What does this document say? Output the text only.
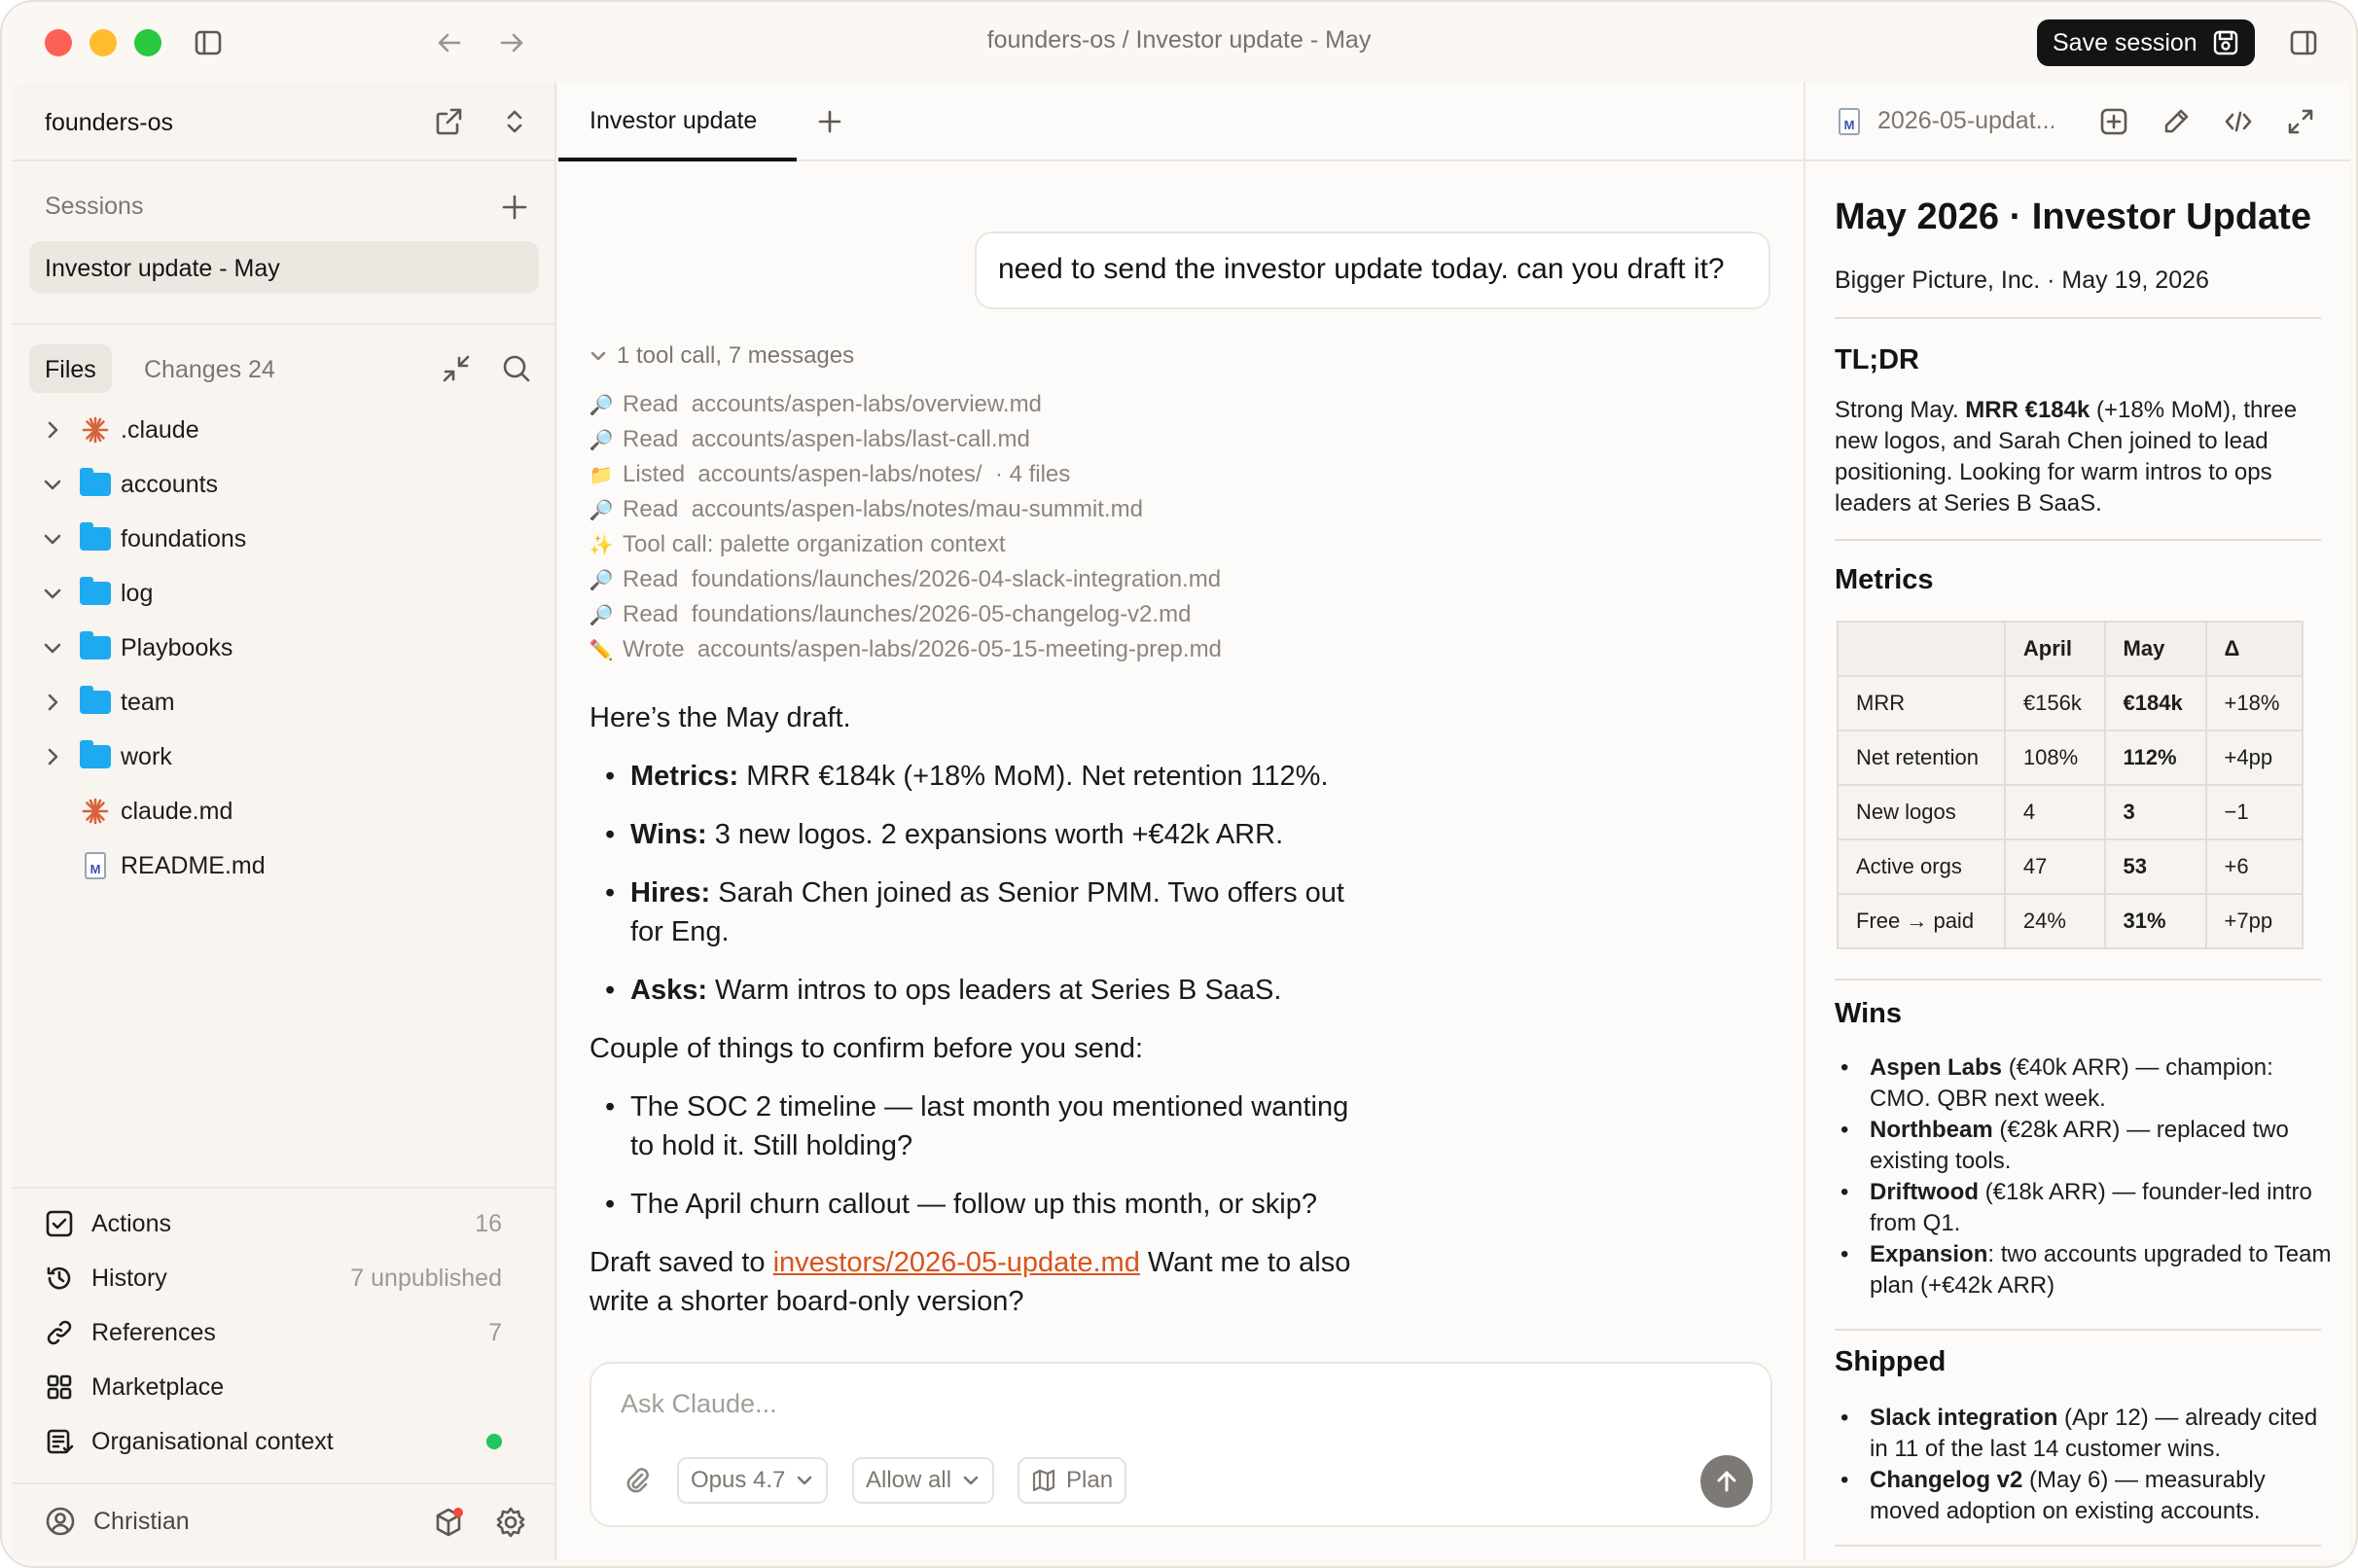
founders-os / Investor update - May	Save session
founders-os
Sessions
Investor update - May
Files	Changes 24
.claude
accounts
foundations
log
Playbooks
team
work
claude.md
M README.md
Actions	16
History	7 unpublished
References	7
Marketplace
Organisational context
Christian
Investor update
need to send the investor update today. can you draft it?
1 tool call, 7 messages
🔎 Read
accounts/aspen-labs/overview.md
🔎 Read
accounts/aspen-labs/last-call.md
📁 Listed
accounts/aspen-labs/notes/
· 4 files
🔎 Read
accounts/aspen-labs/notes/mau-summit.md
✨ Tool call:
palette organization context
🔎 Read
foundations/launches/2026-04-slack-integration.md
🔎 Read
foundations/launches/2026-05-changelog-v2.md
✏️ Wrote
accounts/aspen-labs/2026-05-15-meeting-prep.md
Here’s the May draft.
• Metrics: MRR €184k (+18% MoM). Net retention 112%.
• Wins: 3 new logos. 2 expansions worth +€42k ARR.
• Hires: Sarah Chen joined as Senior PMM. Two offers out for Eng.
• Asks: Warm intros to ops leaders at Series B SaaS.
Couple of things to confirm before you send:
• The SOC 2 timeline — last month you mentioned wanting to hold it. Still holding?
• The April churn callout — follow up this month, or skip?
Draft saved to investors/2026-05-update.md Want me to also write a shorter board-only version?
Ask Claude...
Opus 4.7	Allow all	Plan
M 2026-05-updat...
May 2026 · Investor Update
Bigger Picture, Inc. · May 19, 2026
TL;DR
Strong May. MRR €184k (+18% MoM), three new logos, and Sarah Chen joined to lead positioning. Looking for warm intros to ops leaders at Series B SaaS.
Metrics
	April	May	Δ
MRR	€156k	€184k	+18%
Net retention	108%	112%	+4pp
New logos	4	3	−1
Active orgs	47	53	+6
Free → paid	24%	31%	+7pp
Wins
• Aspen Labs (€40k ARR) — champion: CMO. QBR next week.
• Northbeam (€28k ARR) — replaced two existing tools.
• Driftwood (€18k ARR) — founder-led intro from Q1.
• Expansion: two accounts upgraded to Team plan (+€42k ARR)
Shipped
• Slack integration (Apr 12) — already cited in 11 of the last 14 customer wins.
• Changelog v2 (May 6) — measurably moved adoption on existing accounts.
